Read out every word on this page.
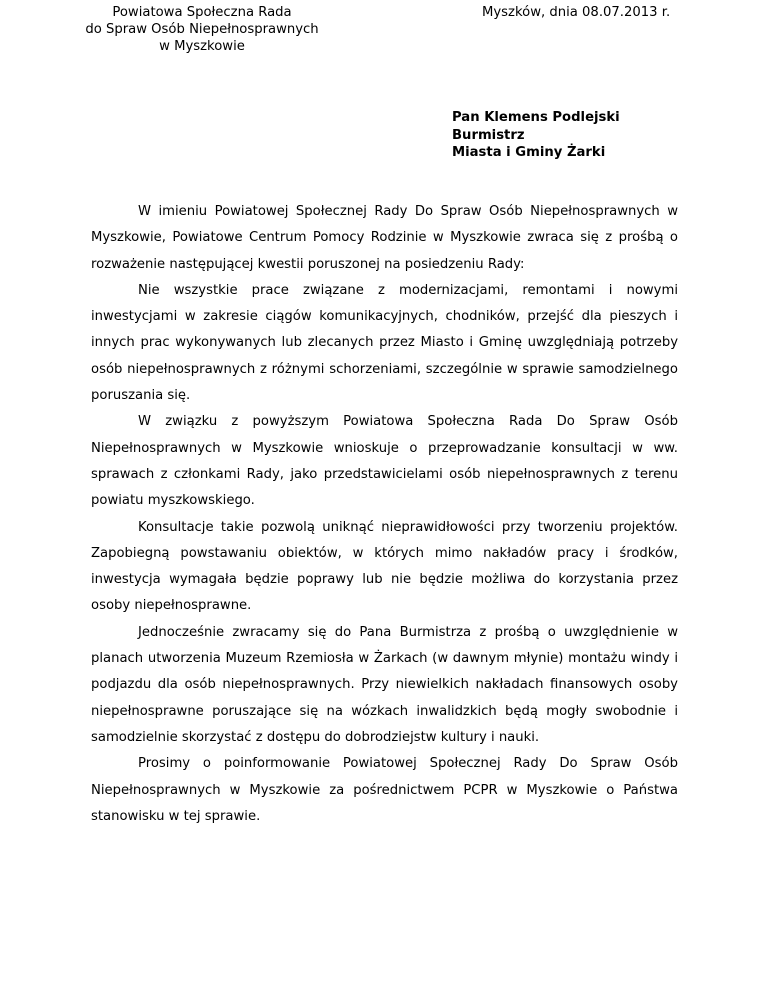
Powiatowa Społeczna Rada
do Spraw Osób Niepełnosprawnych
w Myszkowie
Myszków, dnia 08.07.2013 r.
Pan Klemens Podlejski
Burmistrz
Miasta i Gminy Żarki

W imieniu Powiatowej Społecznej Rady Do Spraw Osób Niepełnosprawnych w Myszkowie, Powiatowe Centrum Pomocy Rodzinie w Myszkowie zwraca się z prośbą o rozważenie następującej kwestii poruszonej na posiedzeniu Rady:

Nie wszystkie prace związane z modernizacjami, remontami i nowymi inwestycjami w zakresie ciągów komunikacyjnych, chodników, przejść dla pieszych i innych prac wykonywanych lub zlecanych przez Miasto i Gminę uwzględniają potrzeby osób niepełnosprawnych z różnymi schorzeniami, szczególnie w sprawie samodzielnego poruszania się.

W związku z powyższym Powiatowa Społeczna Rada Do Spraw Osób Niepełnosprawnych w Myszkowie wnioskuje o przeprowadzanie konsultacji w ww. sprawach z członkami Rady, jako przedstawicielami osób niepełnosprawnych z terenu powiatu myszkowskiego.

Konsultacje takie pozwolą uniknąć nieprawidłowości przy tworzeniu projektów. Zapobiegną powstawaniu obiektów, w których mimo nakładów pracy i środków, inwestycja wymagała będzie poprawy lub nie będzie możliwa do korzystania przez osoby niepełnosprawne.

Jednocześnie zwracamy się do Pana Burmistrza z prośbą o uwzględnienie w planach utworzenia Muzeum Rzemiosła w Żarkach (w dawnym młynie) montażu windy i podjazdu dla osób niepełnosprawnych. Przy niewielkich nakładach finansowych osoby niepełnosprawne poruszające się na wózkach inwalidzkich będą mogły swobodnie i samodzielnie skorzystać z dostępu do dobrodziejstw kultury i nauki.

Prosimy o poinformowanie Powiatowej Społecznej Rady Do Spraw Osób Niepełnosprawnych w Myszkowie za pośrednictwem PCPR w Myszkowie o Państwa stanowisku w tej sprawie.
